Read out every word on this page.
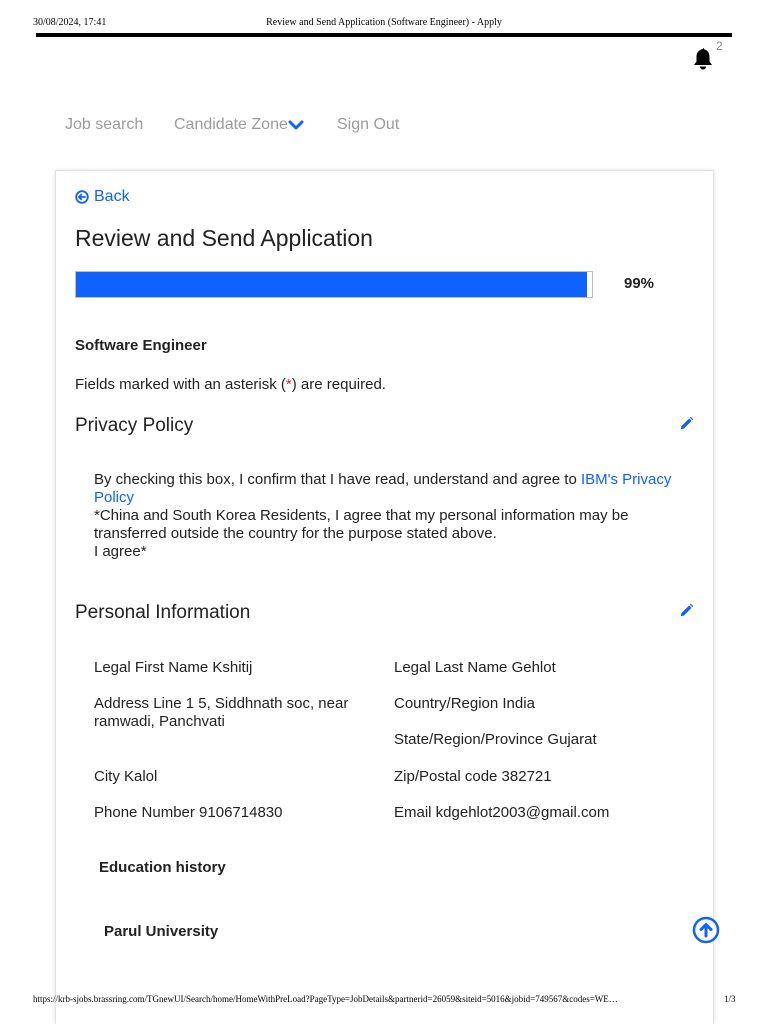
30/08/2024, 17:41	Review and Send Application (Software Engineer) - Apply
2
Job search Candidate Zone	Sign Out
Back
Review and Send Application
99%
Software Engineer
Fields marked with an asterisk (*) are required.
Privacy Policy
By checking this box, I confirm that I have read, understand and agree to IBM's Privacy Policy
*China and South Korea Residents, I agree that my personal information may be transferred outside the country for the purpose stated above.
I agree*
Personal Information
Legal First Name Kshitij	Legal Last Name Gehlot
Address Line 1 5, Siddhnath soc, near ramwadi, Panchvati
Country/Region India
State/Region/Province Gujarat
City Kalol	Zip/Postal code 382721
Phone Number 9106714830	Email kdgehlot2003@gmail.com
Education history
Parul University
https://krb-sjobs.brassring.com/TGnewUI/Search/home/HomeWithPreLoad?PageType=JobDetails&partnerid=26059&siteid=5016&jobid=749567&codes=WE…	1/3
